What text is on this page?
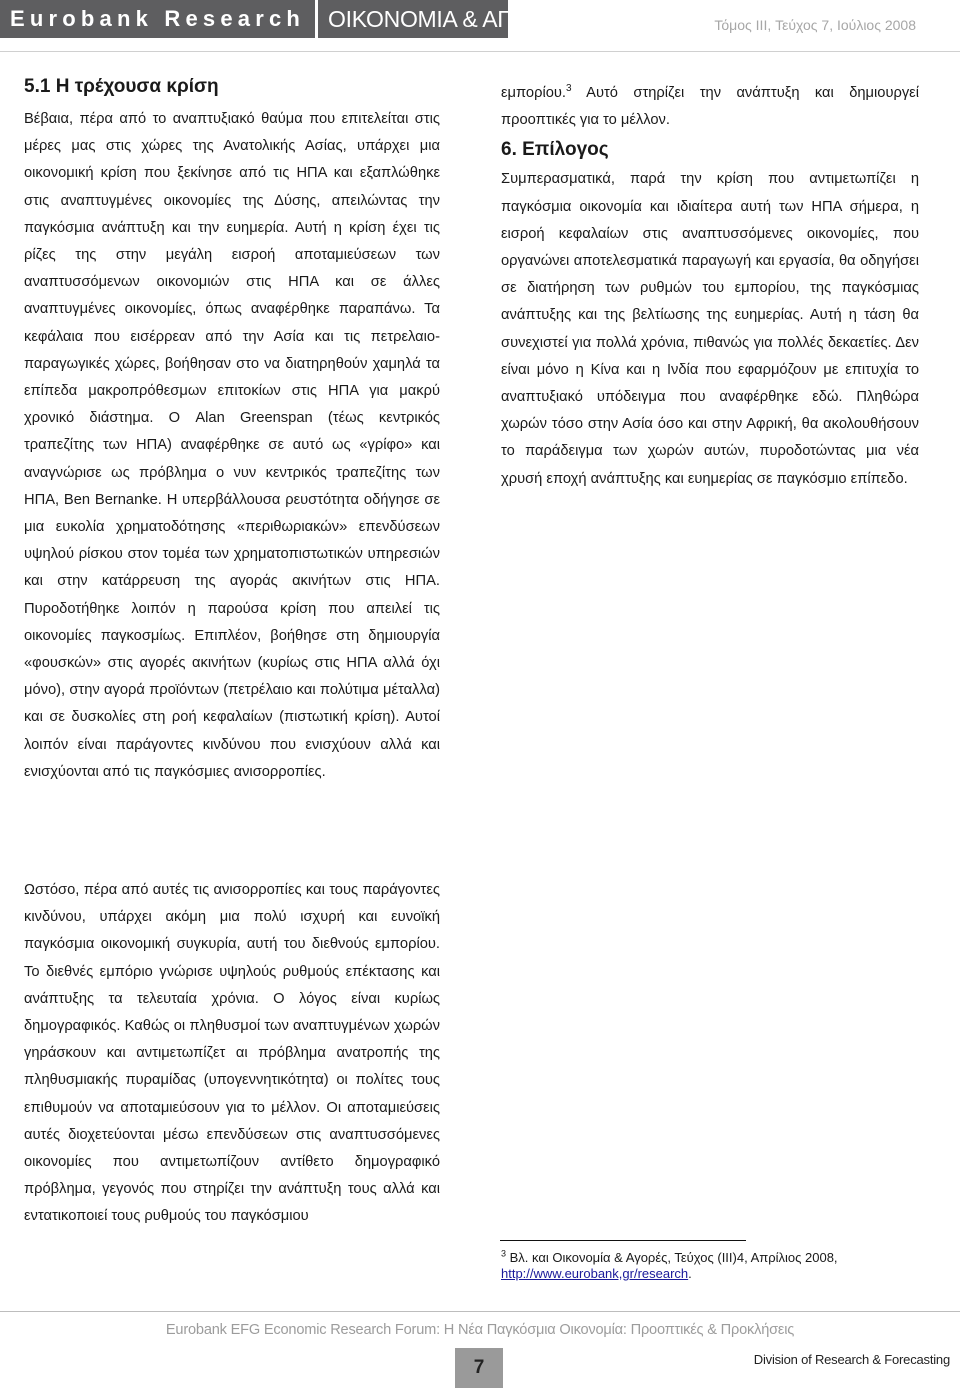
Eurobank Research	ΟΙΚΟΝΟΜΙΑ & ΑΓΟΡΕΣ	Τόμος ΙΙI, Τεύχος 7, Ιούλιος 2008
5.1 Η τρέχουσα κρίση

Βέβαια, πέρα από το αναπτυξιακό θαύμα που επιτελείται στις μέρες μας στις χώρες της Ανατολικής Ασίας, υπάρχει μια οικονομική κρίση που ξεκίνησε από τις ΗΠΑ και εξαπλώθηκε στις αναπτυγμένες οικονομίες της Δύσης, απειλώντας την παγκόσμια ανάπτυξη και την ευημερία. Αυτή η κρίση έχει τις ρίζες της στην μεγάλη εισροή αποταμιεύσεων των αναπτυσσόμενων οικονομιών στις ΗΠΑ και σε άλλες αναπτυγμένες οικονομίες, όπως αναφέρθηκε παραπάνω. Τα κεφάλαια που εισέρρεαν από την Ασία και τις πετρελαιο-παραγωγικές χώρες, βοήθησαν στο να διατηρηθούν χαμηλά τα επίπεδα μακροπρόθεσμων επιτοκίων στις ΗΠΑ για μακρύ χρονικό διάστημα. Ο Alan Greenspan (τέως κεντρικός τραπεζίτης των ΗΠΑ) αναφέρθηκε σε αυτό ως «γρίφο» και αναγνώρισε ως πρόβλημα ο νυν κεντρικός τραπεζίτης των ΗΠΑ, Ben Bernanke. Η υπερβάλλουσα ρευστότητα οδήγησε σε μια ευκολία χρηματοδότησης «περιθωριακών» επενδύσεων υψηλού ρίσκου στον τομέα των χρηματοπιστωτικών υπηρεσιών και στην κατάρρευση της αγοράς ακινήτων στις ΗΠΑ. Πυροδοτήθηκε λοιπόν η παρούσα κρίση που απειλεί τις οικονομίες παγκοσμίως. Επιπλέον, βοήθησε στη δημιουργία «φουσκών» στις αγορές ακινήτων (κυρίως στις ΗΠΑ αλλά όχι μόνο), στην αγορά προϊόντων (πετρέλαιο και πολύτιμα μέταλλα) και σε δυσκολίες στη ροή κεφαλαίων (πιστωτική κρίση). Αυτοί λοιπόν είναι παράγοντες κινδύνου που ενισχύουν αλλά και ενισχύονται από τις παγκόσμιες ανισορροπίες.

Ωστόσο, πέρα από αυτές τις ανισορροπίες και τους παράγοντες κινδύνου, υπάρχει ακόμη μια πολύ ισχυρή και ευνοϊκή παγκόσμια οικονομική συγκυρία, αυτή του διεθνούς εμπορίου. Το διεθνές εμπόριο γνώρισε υψηλούς ρυθμούς επέκτασης και ανάπτυξης τα τελευταία χρόνια. Ο λόγος είναι κυρίως δημογραφικός. Καθώς οι πληθυσμοί των αναπτυγμένων χωρών γηράσκουν και αντιμετωπίζετ αι πρόβλημα ανατροπής της πληθυσμιακής πυραμίδας (υπογεννητικότητα) οι πολίτες τους επιθυμούν να αποταμιεύσουν για το μέλλον. Οι αποταμιεύσεις αυτές διοχετεύονται μέσω επενδύσεων στις αναπτυσσόμενες οικονομίες που αντιμετωπίζουν αντίθετο δημογραφικό πρόβλημα, γεγονός που στηρίζει την ανάπτυξη τους αλλά και εντατικοποιεί τους ρυθμούς του παγκόσμιου

εμπορίου.$^3$ Αυτό στηρίζει την ανάπτυξη και δημιουργεί προοπτικές για το μέλλον.

6. Επίλογος

Συμπερασματικά, παρά την κρίση που αντιμετωπίζει η παγκόσμια οικονομία και ιδιαίτερα αυτή των ΗΠΑ σήμερα, η εισροή κεφαλαίων στις αναπτυσσόμενες οικονομίες, που οργανώνει αποτελεσματικά παραγωγή και εργασία, θα οδηγήσει σε διατήρηση των ρυθμών του εμπορίου, της παγκόσμιας ανάπτυξης και της βελτίωσης της ευημερίας. Αυτή η τάση θα συνεχιστεί για πολλά χρόνια, πιθανώς για πολλές δεκαετίες. Δεν είναι μόνο η Κίνα και η Ινδία που εφαρμόζουν με επιτυχία το αναπτυξιακό υπόδειγμα που αναφέρθηκε εδώ. Πληθώρα χωρών τόσο στην Ασία όσο και στην Αφρική, θα ακολουθήσουν το παράδειγμα των χωρών αυτών, πυροδοτώντας μια νέα χρυσή εποχή ανάπτυξης και ευημερίας σε παγκόσμιο επίπεδο.

$^3$ Βλ. και Οικονομία & Αγορές, Τεύχος (ΙΙΙ)4, Απρίλιος 2008,
http://www.eurobank,gr/research.
Eurobank EFG Economic Research Forum: Η Νέα Παγκόσμια Οικονομία: Προοπτικές & Προκλήσεις
7	Division of Research & Forecasting
